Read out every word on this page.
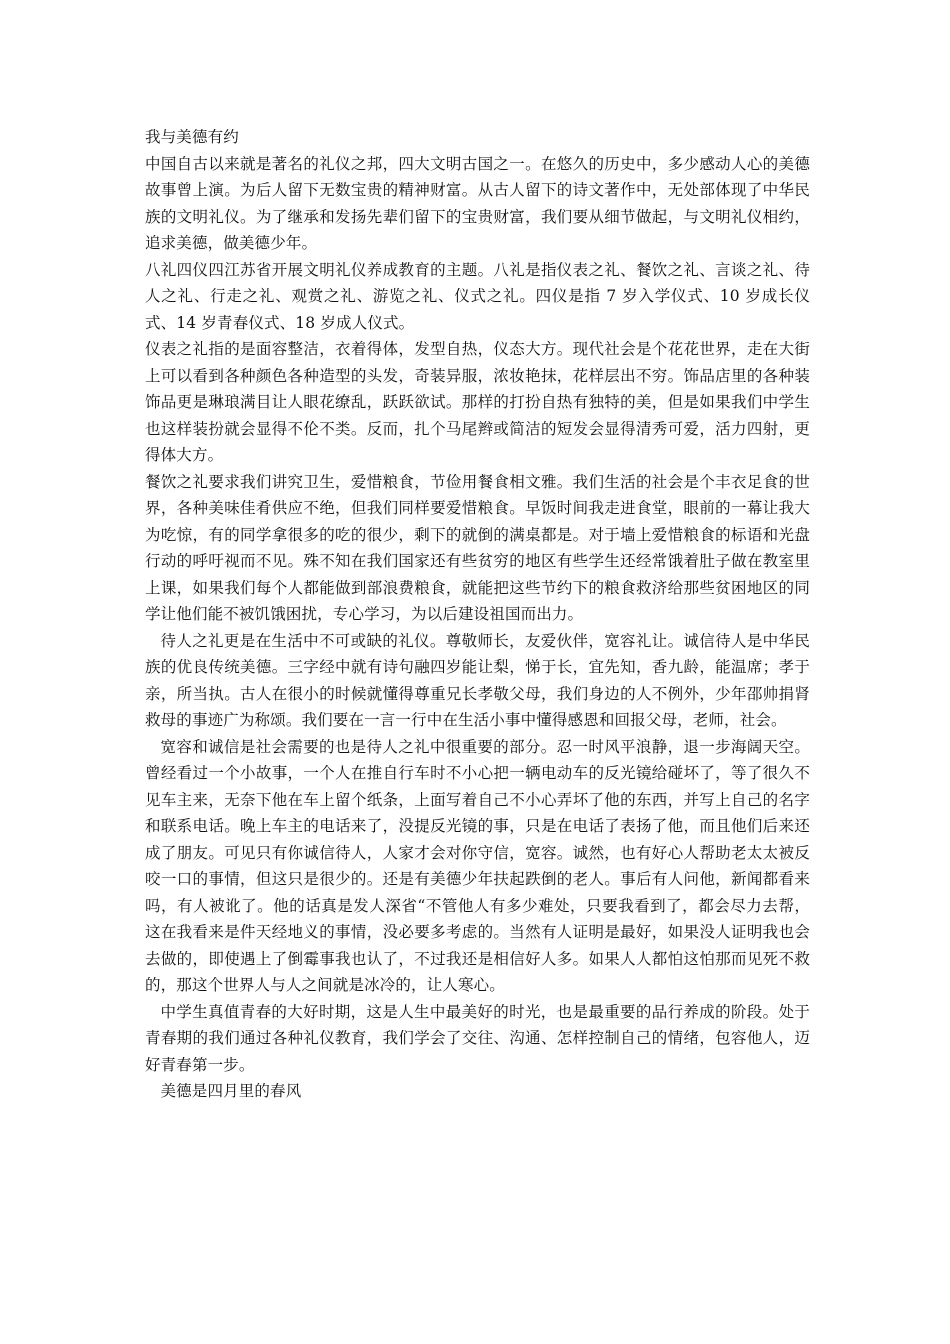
我与美德有约

中国自古以来就是著名的礼仪之邦，四大文明古国之一。在悠久的历史中，多少感动人心的美德故事曾上演。为后人留下无数宝贵的精神财富。从古人留下的诗文著作中，无处部体现了中华民族的文明礼仪。为了继承和发扬先辈们留下的宝贵财富，我们要从细节做起，与文明礼仪相约，追求美德，做美德少年。

八礼四仪四江苏省开展文明礼仪养成教育的主题。八礼是指仪表之礼、餐饮之礼、言谈之礼、待人之礼、行走之礼、观赏之礼、游览之礼、仪式之礼。四仪是指 7 岁入学仪式、10 岁成长仪式、14 岁青春仪式、18 岁成人仪式。

仪表之礼指的是面容整洁，衣着得体，发型自热，仪态大方。现代社会是个花花世界，走在大街上可以看到各种颜色各种造型的头发，奇装异服，浓妆艳抹，花样层出不穷。饰品店里的各种装饰品更是琳琅满目让人眼花缭乱，跃跃欲试。那样的打扮自热有独特的美，但是如果我们中学生也这样装扮就会显得不伦不类。反而，扎个马尾辫或简洁的短发会显得清秀可爱，活力四射，更得体大方。

餐饮之礼要求我们讲究卫生，爱惜粮食，节俭用餐食相文雅。我们生活的社会是个丰衣足食的世界，各种美味佳肴供应不绝，但我们同样要爱惜粮食。早饭时间我走进食堂，眼前的一幕让我大为吃惊，有的同学拿很多的吃的很少，剩下的就倒的满桌都是。对于墙上爱惜粮食的标语和光盘行动的呼吁视而不见。殊不知在我们国家还有些贫穷的地区有些学生还经常饿着肚子做在教室里上课，如果我们每个人都能做到部浪费粮食，就能把这些节约下的粮食救济给那些贫困地区的同学让他们能不被饥饿困扰，专心学习，为以后建设祖国而出力。

待人之礼更是在生活中不可或缺的礼仪。尊敬师长，友爱伙伴，宽容礼让。诚信待人是中华民族的优良传统美德。三字经中就有诗句融四岁能让梨，悌于长，宜先知，香九龄，能温席；孝于亲，所当执。古人在很小的时候就懂得尊重兄长孝敬父母，我们身边的人不例外，少年邵帅捐肾救母的事迹广为称颂。我们要在一言一行中在生活小事中懂得感恩和回报父母，老师，社会。

宽容和诚信是社会需要的也是待人之礼中很重要的部分。忍一时风平浪静，退一步海阔天空。曾经看过一个小故事，一个人在推自行车时不小心把一辆电动车的反光镜给碰坏了，等了很久不见车主来，无奈下他在车上留个纸条，上面写着自己不小心弄坏了他的东西，并写上自己的名字和联系电话。晚上车主的电话来了，没提反光镜的事，只是在电话了表扬了他，而且他们后来还成了朋友。可见只有你诚信待人，人家才会对你守信，宽容。诚然，也有好心人帮助老太太被反咬一口的事情，但这只是很少的。还是有美德少年扶起跌倒的老人。事后有人问他，新闻都看来吗，有人被讹了。他的话真是发人深省“不管他人有多少难处，只要我看到了，都会尽力去帮，这在我看来是件天经地义的事情，没必要多考虑的。当然有人证明是最好，如果没人证明我也会去做的，即使遇上了倒霉事我也认了，不过我还是相信好人多。如果人人都怕这怕那而见死不救的，那这个世界人与人之间就是冰冷的，让人寒心。

中学生真值青春的大好时期，这是人生中最美好的时光，也是最重要的品行养成的阶段。处于青春期的我们通过各种礼仪教育，我们学会了交往、沟通、怎样控制自己的情绪，包容他人，迈好青春第一步。

美德是四月里的春风
